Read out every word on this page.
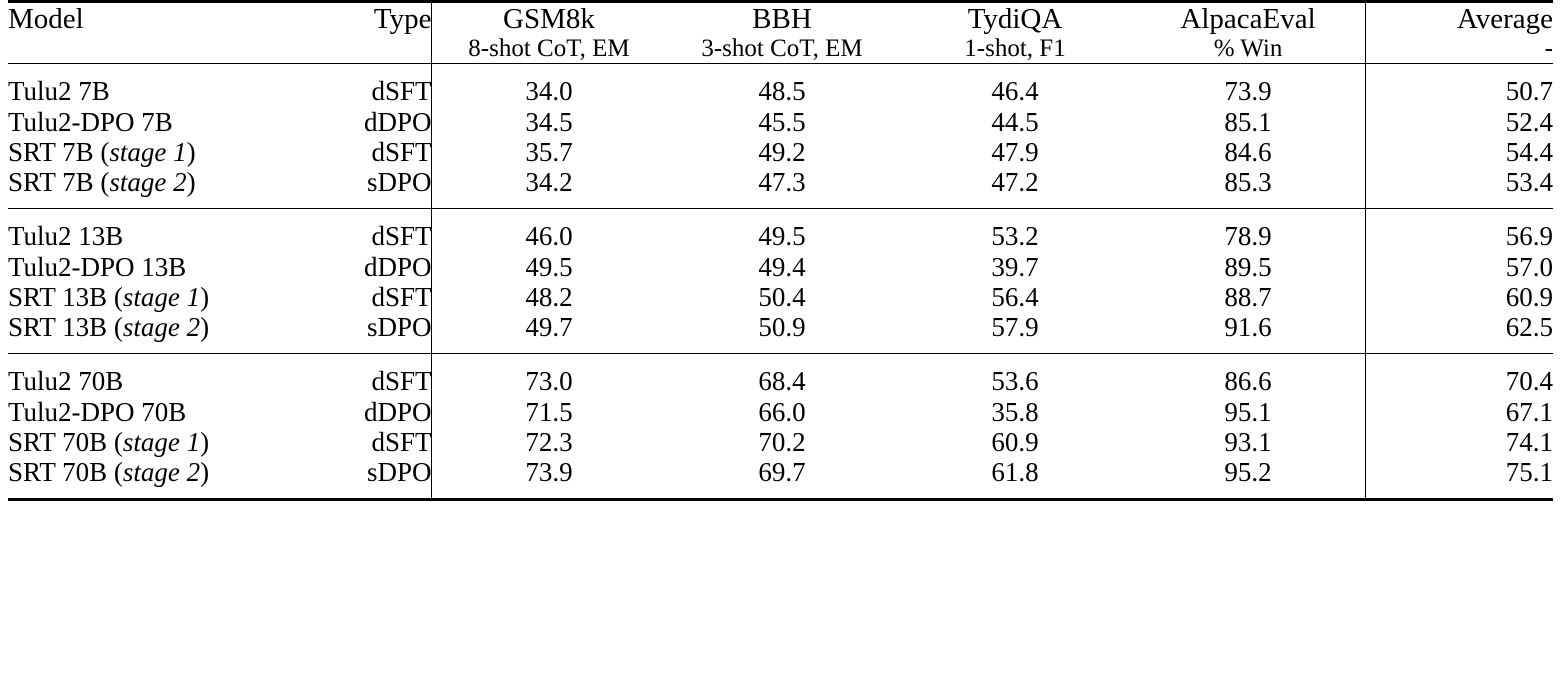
Model	Type	GSM8k	BBH	TydiQA	AlpacaEval	Average
		8-shot CoT, EM	3-shot CoT, EM	1-shot, F1	% Win	-
Tulu2 7B	dSFT	34.0	48.5	46.4	73.9	50.7
Tulu2-DPO 7B	dDPO	34.5	45.5	44.5	85.1	52.4
SRT 7B (stage 1)	dSFT	35.7	49.2	47.9	84.6	54.4
SRT 7B (stage 2)	sDPO	34.2	47.3	47.2	85.3	53.4
Tulu2 13B	dSFT	46.0	49.5	53.2	78.9	56.9
Tulu2-DPO 13B	dDPO	49.5	49.4	39.7	89.5	57.0
SRT 13B (stage 1)	dSFT	48.2	50.4	56.4	88.7	60.9
SRT 13B (stage 2)	sDPO	49.7	50.9	57.9	91.6	62.5
Tulu2 70B	dSFT	73.0	68.4	53.6	86.6	70.4
Tulu2-DPO 70B	dDPO	71.5	66.0	35.8	95.1	67.1
SRT 70B (stage 1)	dSFT	72.3	70.2	60.9	93.1	74.1
SRT 70B (stage 2)	sDPO	73.9	69.7	61.8	95.2	75.1
